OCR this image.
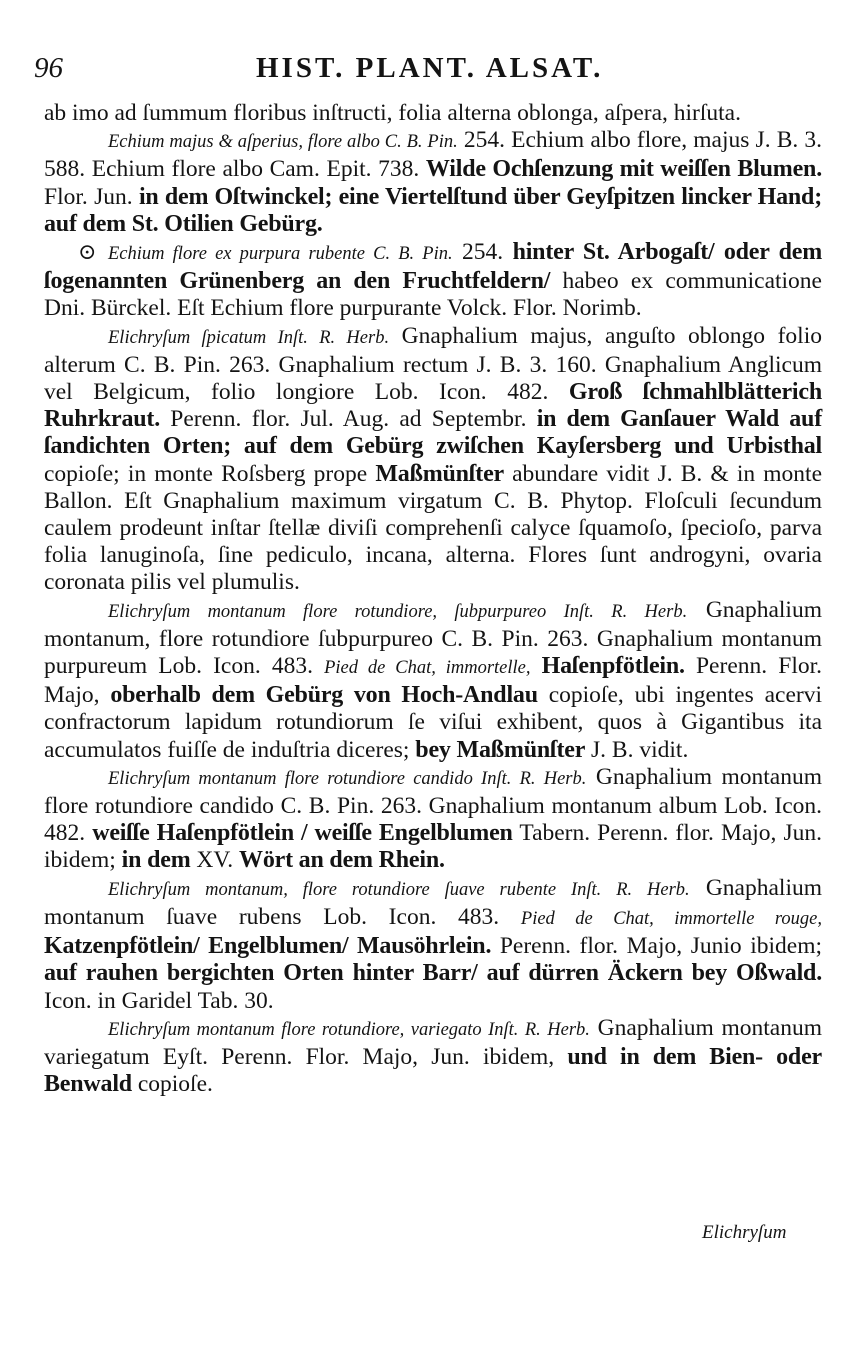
96	HIST. PLANT. ALSAT.

ab imo ad ſummum floribus inſtructi, folia alterna oblonga, aſpera, hirſuta.

Echium majus & aſperius, flore albo C. B. Pin. 254. Echium albo flore, majus J. B. 3. 588. Echium flore albo Cam. Epit. 738. Wilde Ochſenzung mit weiſſen Blumen. Flor. Jun. in dem Oſtwinckel; eine Viertelſtund über Geyſpitzen lincker Hand; auf dem St. Otilien Gebürg.

⊙ Echium flore ex purpura rubente C. B. Pin. 254. hinter St. Arbogaſt/ oder dem ſogenannten Grünenberg an den Fruchtfeldern/ habeo ex communicatione Dni. Bürckel. Eſt Echium flore purpurante Volck. Flor. Norimb.

Elichryſum ſpicatum Inſt. R. Herb. Gnaphalium majus, anguſto oblongo folio alterum C. B. Pin. 263. Gnaphalium rectum J. B. 3. 160. Gnaphalium Anglicum vel Belgicum, folio longiore Lob. Icon. 482. Groß ſchmahlblätterich Ruhrkraut. Perenn. flor. Jul. Aug. ad Septembr. in dem Ganſauer Wald auf ſandichten Orten; auf dem Gebürg zwiſchen Kayſersberg und Urbisthal copioſe; in monte Roſsberg prope Maßmünſter abundare vidit J. B. & in monte Ballon. Eſt Gnaphalium maximum virgatum C. B. Phytop. Floſculi ſecundum caulem prodeunt inſtar ſtellæ diviſi comprehenſi calyce ſquamoſo, ſpecioſo, parva folia lanuginoſa, ſine pediculo, incana, alterna. Flores ſunt androgyni, ovaria coronata pilis vel plumulis.

Elichryſum montanum flore rotundiore, ſubpurpureo Inſt. R. Herb. Gnaphalium montanum, flore rotundiore ſubpurpureo C. B. Pin. 263. Gnaphalium montanum purpureum Lob. Icon. 483. Pied de Chat, immortelle, Haſenpfötlein. Perenn. Flor. Majo, oberhalb dem Gebürg von Hoch-Andlau copioſe, ubi ingentes acervi confractorum lapidum rotundiorum ſe viſui exhibent, quos à Gigantibus ita accumulatos fuiſſe de induſtria diceres; bey Maßmünſter J. B. vidit.

Elichryſum montanum flore rotundiore candido Inſt. R. Herb. Gnaphalium montanum flore rotundiore candido C. B. Pin. 263. Gnaphalium montanum album Lob. Icon. 482. weiſſe Haſenpfötlein / weiſſe Engelblumen Tabern. Perenn. flor. Majo, Jun. ibidem; in dem XV. Wört an dem Rhein.

Elichryſum montanum, flore rotundiore ſuave rubente Inſt. R. Herb. Gnaphalium montanum ſuave rubens Lob. Icon. 483. Pied de Chat, immortelle rouge, Katzenpfötlein/ Engelblumen/ Mausöhrlein. Perenn. flor. Majo, Junio ibidem; auf rauhen bergichten Orten hinter Barr/ auf dürren Äckern bey Oßwald. Icon. in Garidel Tab. 30.

Elichryſum montanum flore rotundiore, variegato Inſt. R. Herb. Gnaphalium montanum variegatum Eyſt. Perenn. Flor. Majo, Jun. ibidem, und in dem Bien- oder Benwald copioſe.

Elichryſum
